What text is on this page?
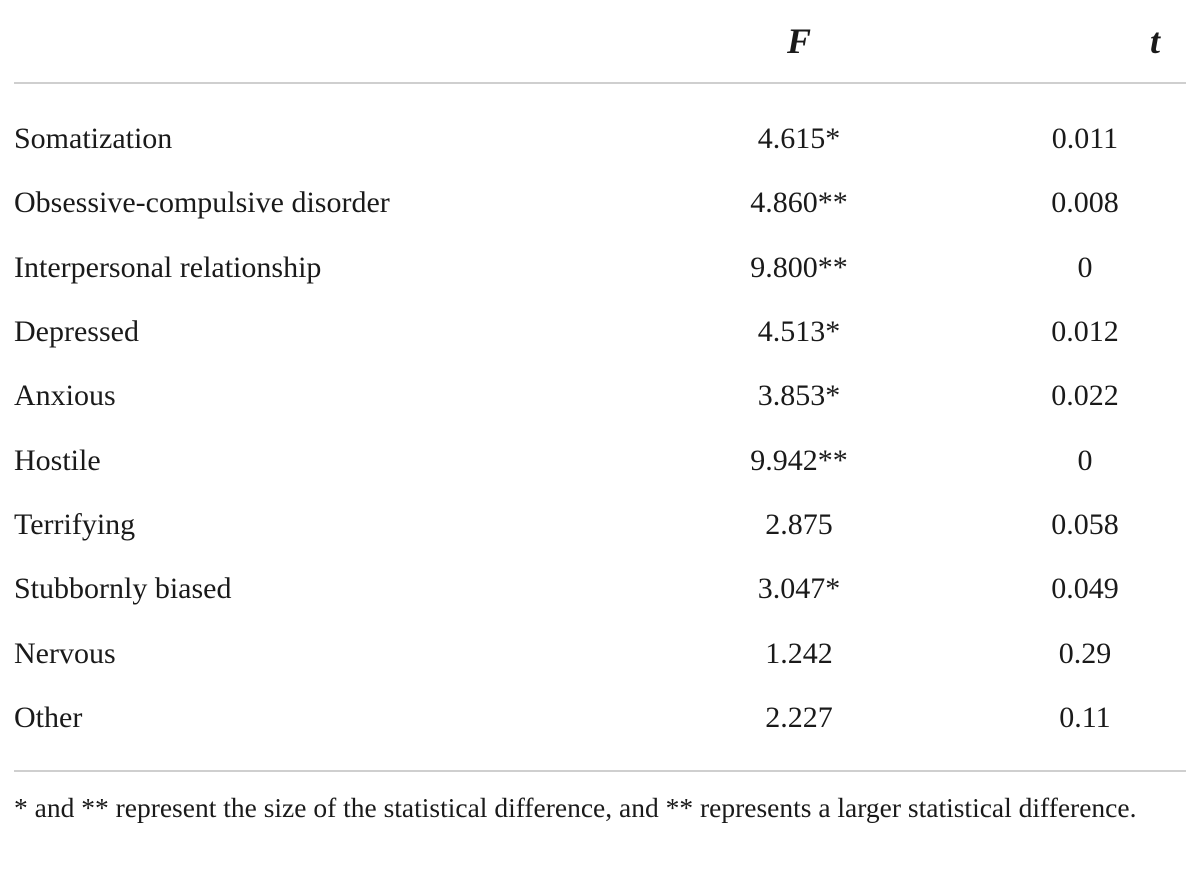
	F	t

Somatization	4.615*	0.011
Obsessive-compulsive disorder	4.860**	0.008
Interpersonal relationship	9.800**	0
Depressed	4.513*	0.012
Anxious	3.853*	0.022
Hostile	9.942**	0
Terrifying	2.875	0.058
Stubbornly biased	3.047*	0.049
Nervous	1.242	0.29
Other	2.227	0.11

* and ** represent the size of the statistical difference, and ** represents a larger statistical difference.
